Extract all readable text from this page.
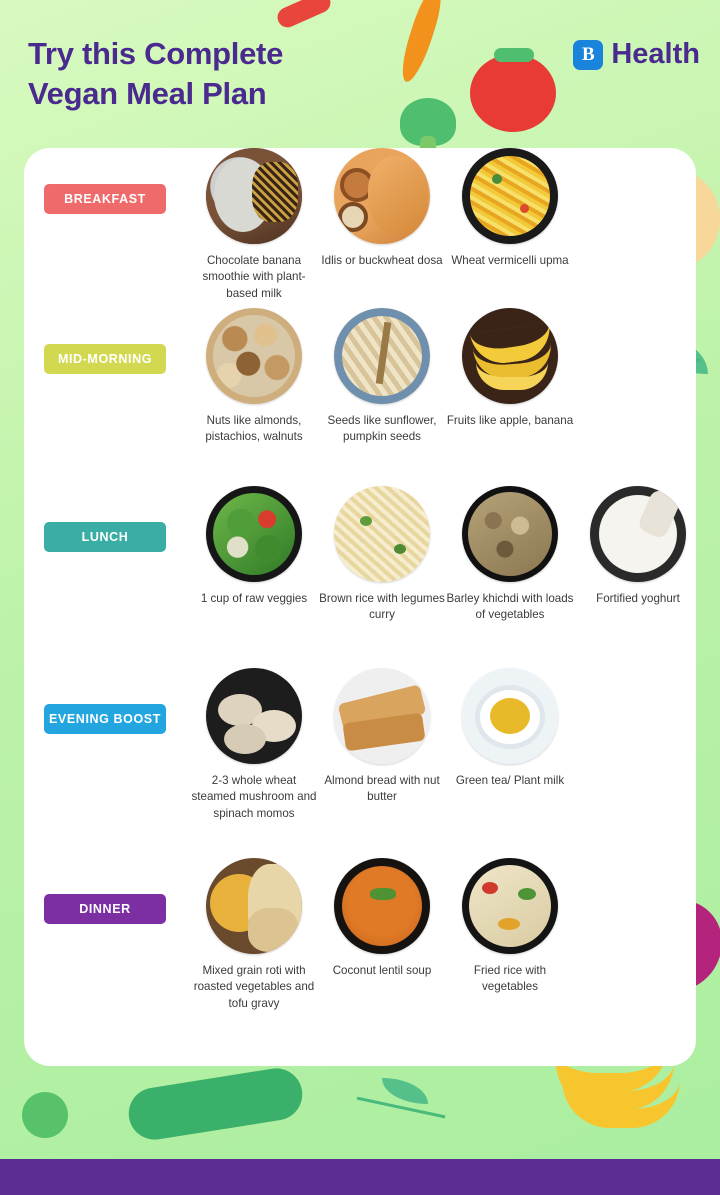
Try this Complete
Vegan Meal Plan
B Health
BREAKFAST
Chocolate banana smoothie with plant-based milk
Idlis or buckwheat dosa Wheat vermicelli upma
MID-MORNING
Nuts like almonds, pistachios, walnuts
Seeds like sunflower, pumpkin seeds
Fruits like apple, banana
LUNCH
1 cup of raw veggies Brown rice with legumes curry
Barley khichdi with loads of vegetables
Fortified yoghurt
EVENING BOOST
2-3 whole wheat steamed mushroom and spinach momos
Almond bread with nut butter
Green tea/ Plant milk
DINNER
Mixed grain roti with roasted vegetables and tofu gravy
Coconut lentil soup	Fried rice with vegetables
